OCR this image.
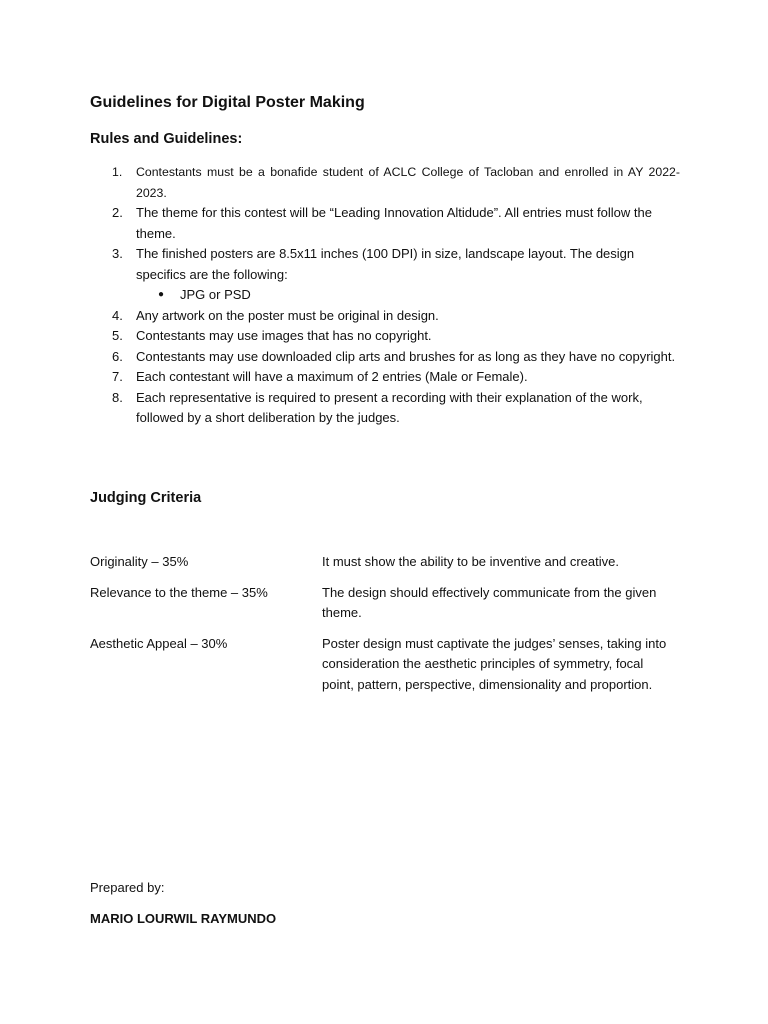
Guidelines for Digital Poster Making
Rules and Guidelines:
1. Contestants must be a bonafide student of ACLC College of Tacloban and enrolled in AY 2022-2023.
2. The theme for this contest will be “Leading Innovation Altidude”. All entries must follow the theme.
3. The finished posters are 8.5x11 inches (100 DPI) in size, landscape layout. The design specifics are the following:
● JPG or PSD
4. Any artwork on the poster must be original in design.
5. Contestants may use images that has no copyright.
6. Contestants may use downloaded clip arts and brushes for as long as they have no copyright.
7. Each contestant will have a maximum of 2 entries (Male or Female).
8. Each representative is required to present a recording with their explanation of the work, followed by a short deliberation by the judges.
Judging Criteria
Originality – 35%	It must show the ability to be inventive and creative.
Relevance to the theme – 35%	The design should effectively communicate from the given theme.
Aesthetic Appeal – 30%	Poster design must captivate the judges’ senses, taking into consideration the aesthetic principles of symmetry, focal point, pattern, perspective, dimensionality and proportion.

Prepared by:

MARIO LOURWIL RAYMUNDO
